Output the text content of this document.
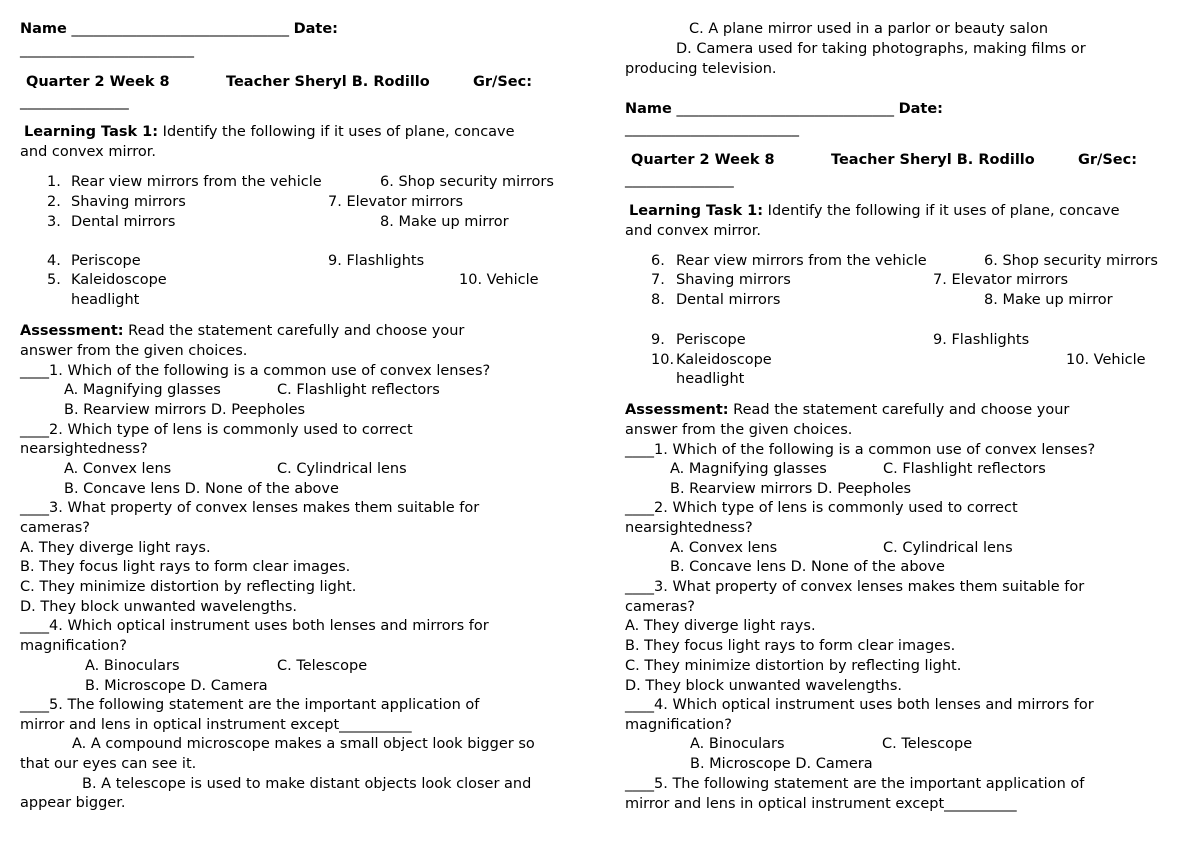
Name ______________________________ Date:
________________________
Quarter 2 Week 8	Teacher Sheryl B. Rodillo	Gr/Sec:
_______________
Learning Task 1: Identify the following if it uses of plane, concave
and convex mirror.
1. Rear view mirrors from the vehicle	6. Shop security mirrors
2. Shaving mirrors	7. Elevator mirrors
3. Dental mirrors	8. Make up mirror
4. Periscope	9. Flashlights
5. Kaleidoscope	10. Vehicle
headlight
Assessment: Read the statement carefully and choose your
answer from the given choices.
____1. Which of the following is a common use of convex lenses?
A. Magnifying glasses	C. Flashlight reflectors
B. Rearview mirrors D. Peepholes
____2. Which type of lens is commonly used to correct
nearsightedness?
A. Convex lens	C. Cylindrical lens
B. Concave lens D. None of the above
____3. What property of convex lenses makes them suitable for
cameras?
A. They diverge light rays.
B. They focus light rays to form clear images.
C. They minimize distortion by reflecting light.
D. They block unwanted wavelengths.
____4. Which optical instrument uses both lenses and mirrors for
magnification?
A. Binoculars	C. Telescope
B. Microscope D. Camera
____5. The following statement are the important application of
mirror and lens in optical instrument except__________
A. A compound microscope makes a small object look bigger so
that our eyes can see it.
B. A telescope is used to make distant objects look closer and
appear bigger.
C. A plane mirror used in a parlor or beauty salon
D. Camera used for taking photographs, making films or
producing television.
Name ______________________________ Date:
________________________
Quarter 2 Week 8	Teacher Sheryl B. Rodillo	Gr/Sec:
_______________
Learning Task 1: Identify the following if it uses of plane, concave
and convex mirror.
6. Rear view mirrors from the vehicle	6. Shop security mirrors
7. Shaving mirrors	7. Elevator mirrors
8. Dental mirrors	8. Make up mirror
9. Periscope	9. Flashlights
10. Kaleidoscope	10. Vehicle
headlight
Assessment: Read the statement carefully and choose your
answer from the given choices.
____1. Which of the following is a common use of convex lenses?
A. Magnifying glasses	C. Flashlight reflectors
B. Rearview mirrors D. Peepholes
____2. Which type of lens is commonly used to correct
nearsightedness?
A. Convex lens	C. Cylindrical lens
B. Concave lens D. None of the above
____3. What property of convex lenses makes them suitable for
cameras?
A. They diverge light rays.
B. They focus light rays to form clear images.
C. They minimize distortion by reflecting light.
D. They block unwanted wavelengths.
____4. Which optical instrument uses both lenses and mirrors for
magnification?
A. Binoculars	C. Telescope
B. Microscope D. Camera
____5. The following statement are the important application of
mirror and lens in optical instrument except__________
